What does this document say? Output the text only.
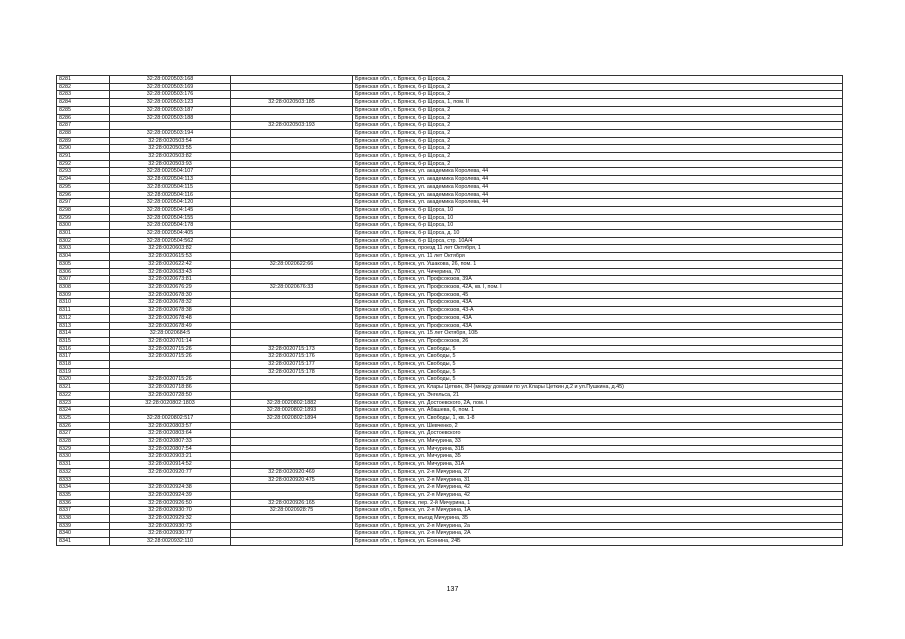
8281	32:28:0020503:168		Брянская обл., г. Брянск, б-р Щорса, 2
8282	32:28:0020503:169		Брянская обл., г. Брянск, б-р Щорса, 2
8283	32:28:0020503:176		Брянская обл., г. Брянск, б-р Щорса, 2
8284	32:28:0020503:123	32:28:0020503:185	Брянская обл., г. Брянск, б-р Щорса, 1, пом. II
8285	32:28:0020503:187		Брянская обл., г. Брянск, б-р Щорса, 2
8286	32:28:0020503:188		Брянская обл., г. Брянск, б-р Щорса, 2
8287		32:28:0020503:193	Брянская обл., г. Брянск, б-р Щорса, 2
8288	32:28:0020503:194		Брянская обл., г. Брянск, б-р Щорса, 2
8289	32:28:0020503:54		Брянская обл., г. Брянск, б-р Щорса, 2
8290	32:28:0020503:55		Брянская обл., г. Брянск, б-р Щорса, 2
8291	32:28:0020503:82		Брянская обл., г. Брянск, б-р Щорса, 2
8292	32:28:0020503:93		Брянская обл., г. Брянск, б-р Щорса, 2
8293	32:28:0020504:107		Брянская обл., г. Брянск, ул. академика Королева, 44
8294	32:28:0020504:113		Брянская обл., г. Брянск, ул. академика Королева, 44
8295	32:28:0020504:115		Брянская обл., г. Брянск, ул. академика Королева, 44
8296	32:28:0020504:116		Брянская обл., г. Брянск, ул. академика Королева, 44
8297	32:28:0020504:120		Брянская обл., г. Брянск, ул. академика Королева, 44
8298	32:28:0020504:145		Брянская обл., г. Брянск, б-р Щорса, 10
8299	32:28:0020504:155		Брянская обл., г. Брянск, б-р Щорса, 10
8300	32:28:0020504:178		Брянская обл., г. Брянск, б-р Щорса, 10
8301	32:28:0020504:405		Брянская обл., г. Брянск, б-р Щорса, д. 10
8302	32:28:0020504:562		Брянская обл., г. Брянск, б-р Щорса, стр. 10А/4
8303	32:28:0020603:82		Брянская обл., г. Брянск, проезд 11 лет Октября, 1
8304	32:28:0020615:53		Брянская обл., г. Брянск, ул. 11 лет Октября
8305	32:28:0020622:42	32:28:0020622:66	Брянская обл., г. Брянск, ул. Ушакова, 26, пом. 1
8306	32:28:0020633:43		Брянская обл., г. Брянск, ул. Чичерина, 70
8307	32:28:0020673:81		Брянская обл., г. Брянск, ул. Профсоюзов, 39А
8308	32:28:0020676:29	32:28:0020676:33	Брянская обл., г. Брянск, ул. Профсоюзов, 42А, кв. I, пом. I
8309	32:28:0020678:30		Брянская обл., г. Брянск, ул. Профсоюзов, 45
8310	32:28:0020678:32		Брянская обл., г. Брянск, ул. Профсоюзов, 43А
8311	32:28:0020678:38		Брянская обл., г. Брянск, ул. Профсоюзов, 43-А
8312	32:28:0020678:48		Брянская обл., г. Брянск, ул. Профсоюзов, 43А
8313	32:28:0020678:49		Брянская обл., г. Брянск, ул. Профсоюзов, 43А
8314	32:28:0020684:5		Брянская обл., г. Брянск, ул. 15 лет Октября, 10Б
8315	32:28:0020701:14		Брянская обл., г. Брянск, ул. Профсоюзов, 26
8316	32:28:0020715:26	32:28:0020715:173	Брянская обл., г. Брянск, ул. Свободы, 5
8317	32:28:0020715:26	32:28:0020715:176	Брянская обл., г. Брянск, ул. Свободы, 5
8318		32:28:0020715:177	Брянская обл., г. Брянск, ул. Свободы, 5
8319		32:28:0020715:178	Брянская обл., г. Брянск, ул. Свободы, 5
8320	32:28:0020715:26		Брянская обл., г. Брянск, ул. Свободы, 5
8321	32:28:0020718:86		Брянская обл., г. Брянск, ул. Клары Цеткин, 8Н (между домами по ул.Клары Цеткин д.2 и ул.Пушкина, д.45)
8322	32:28:0020728:50		Брянская обл., г. Брянск, ул. Энгельса, 21
8323	32:28:0020802:1803	32:28:0020802:1882	Брянская обл., г. Брянск, ул. Достоевского, 2А, пом. I
8324		32:28:0020802:1893	Брянская обл., г. Брянск, ул. Абашева, 6, пом. 1
8325	32:28:0020802:517	32:28:0020802:1894	Брянская обл., г. Брянск, ул. Свободы, 1, кв. 1-8
8326	32:28:0020803:57		Брянская обл., г. Брянск, ул. Шевченко, 2
8327	32:28:0020803:64		Брянская обл., г. Брянск, ул. Достоевского
8328	32:28:0020807:33		Брянская обл., г. Брянск, ул. Мичурина, 33
8329	32:28:0020807:54		Брянская обл., г. Брянск, ул. Мичурина, 31Б
8330	32:28:0020903:21		Брянская обл., г. Брянск, ул. Мичурина, 35
8331	32:28:0020914:52		Брянская обл., г. Брянск, ул. Мичурина, 31А
8332	32:28:0020920:77	32:28:0020920:469	Брянская обл., г. Брянск, ул. 2-я Мичурина, 27
8333		32:28:0020920:475	Брянская обл., г. Брянск, ул. 2-я Мичурина, 31
8334	32:28:0020924:38		Брянская обл., г. Брянск, ул. 2-я Мичурина, 42
8335	32:28:0020924:39		Брянская обл., г. Брянск, ул. 2-я Мичурина, 42
8336	32:28:0020926:50	32:28:0020926:165	Брянская обл., г. Брянск, пер. 2-й Мичурина, 1
8337	32:28:0020930:70	32:28:0020928:75	Брянская обл., г. Брянск, ул. 2-я Мичурина, 1А
8338	32:28:0020929:32		Брянская обл., г. Брянск, въезд Мичурина, 35
8339	32:28:0020930:73		Брянская обл., г. Брянск, ул. 2-я Мичурина, 2а
8340	32:28:0020930:77		Брянская обл., г. Брянск, ул. 2-я Мичурина, 2А
8341	32:28:0020932:110		Брянская обл., г. Брянск, ул. Есенина, 24Б
137
